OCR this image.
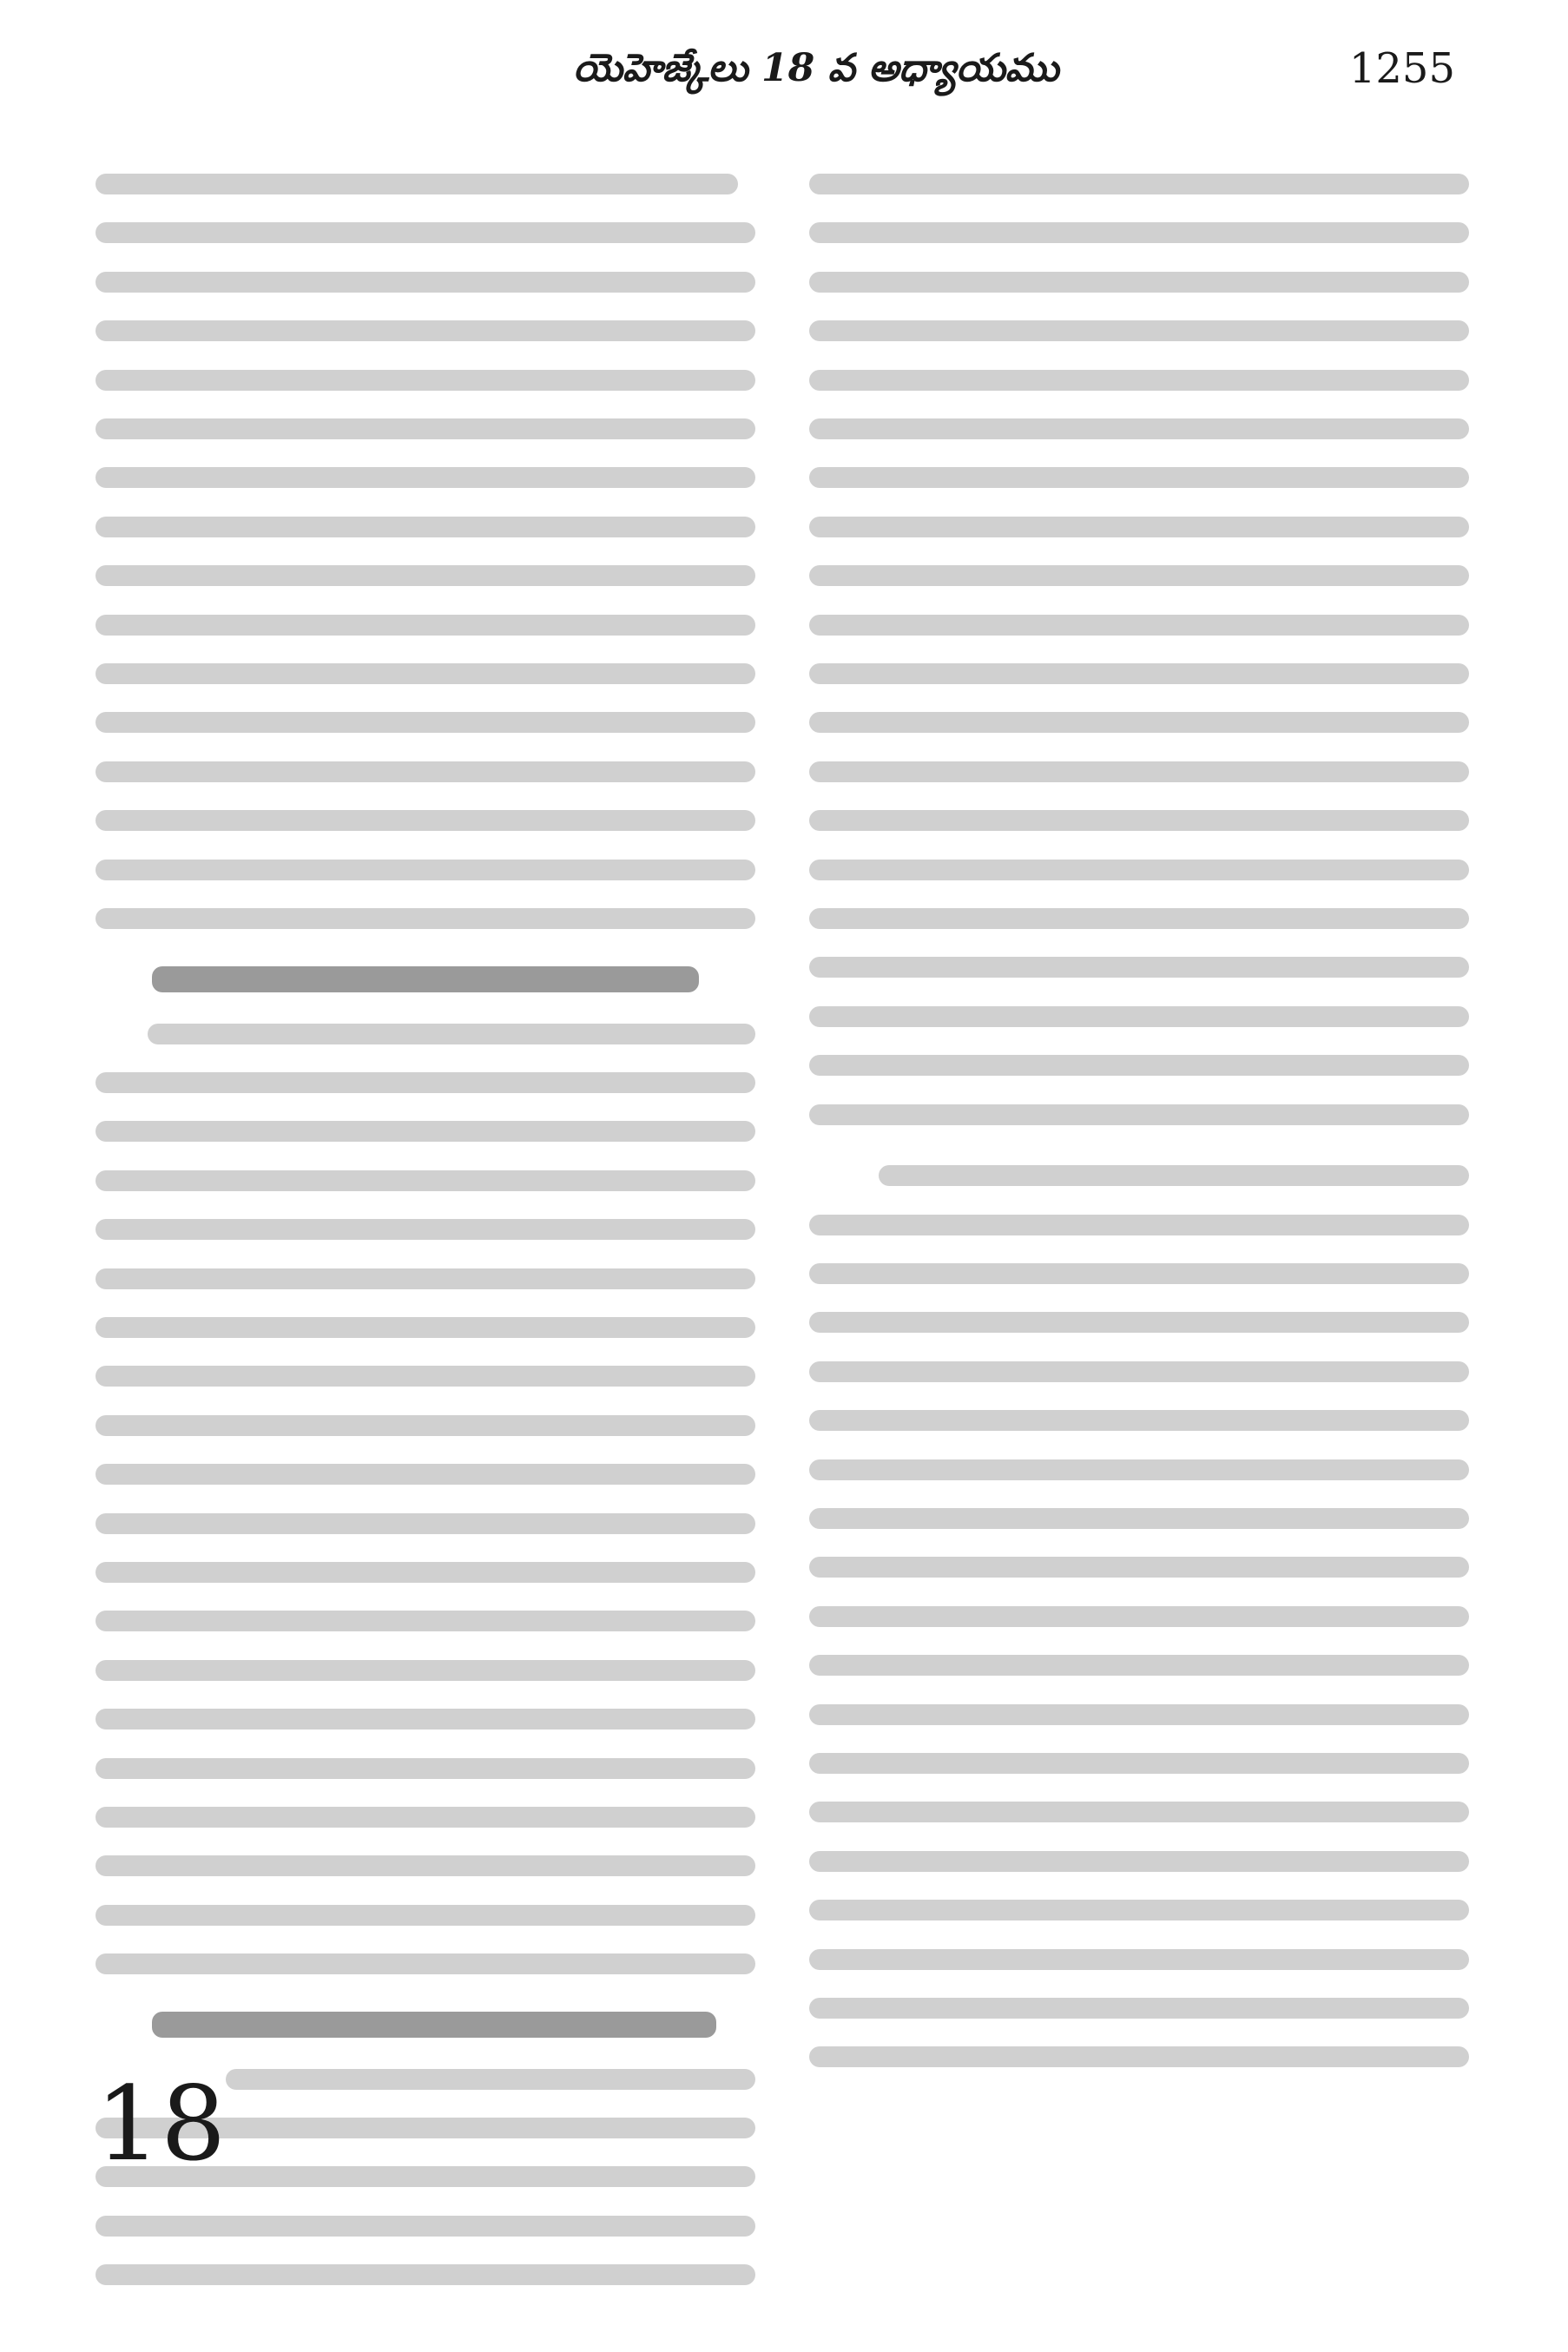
యెహెజ్కేలు 18 వ అధ్యాయము	1255
18
